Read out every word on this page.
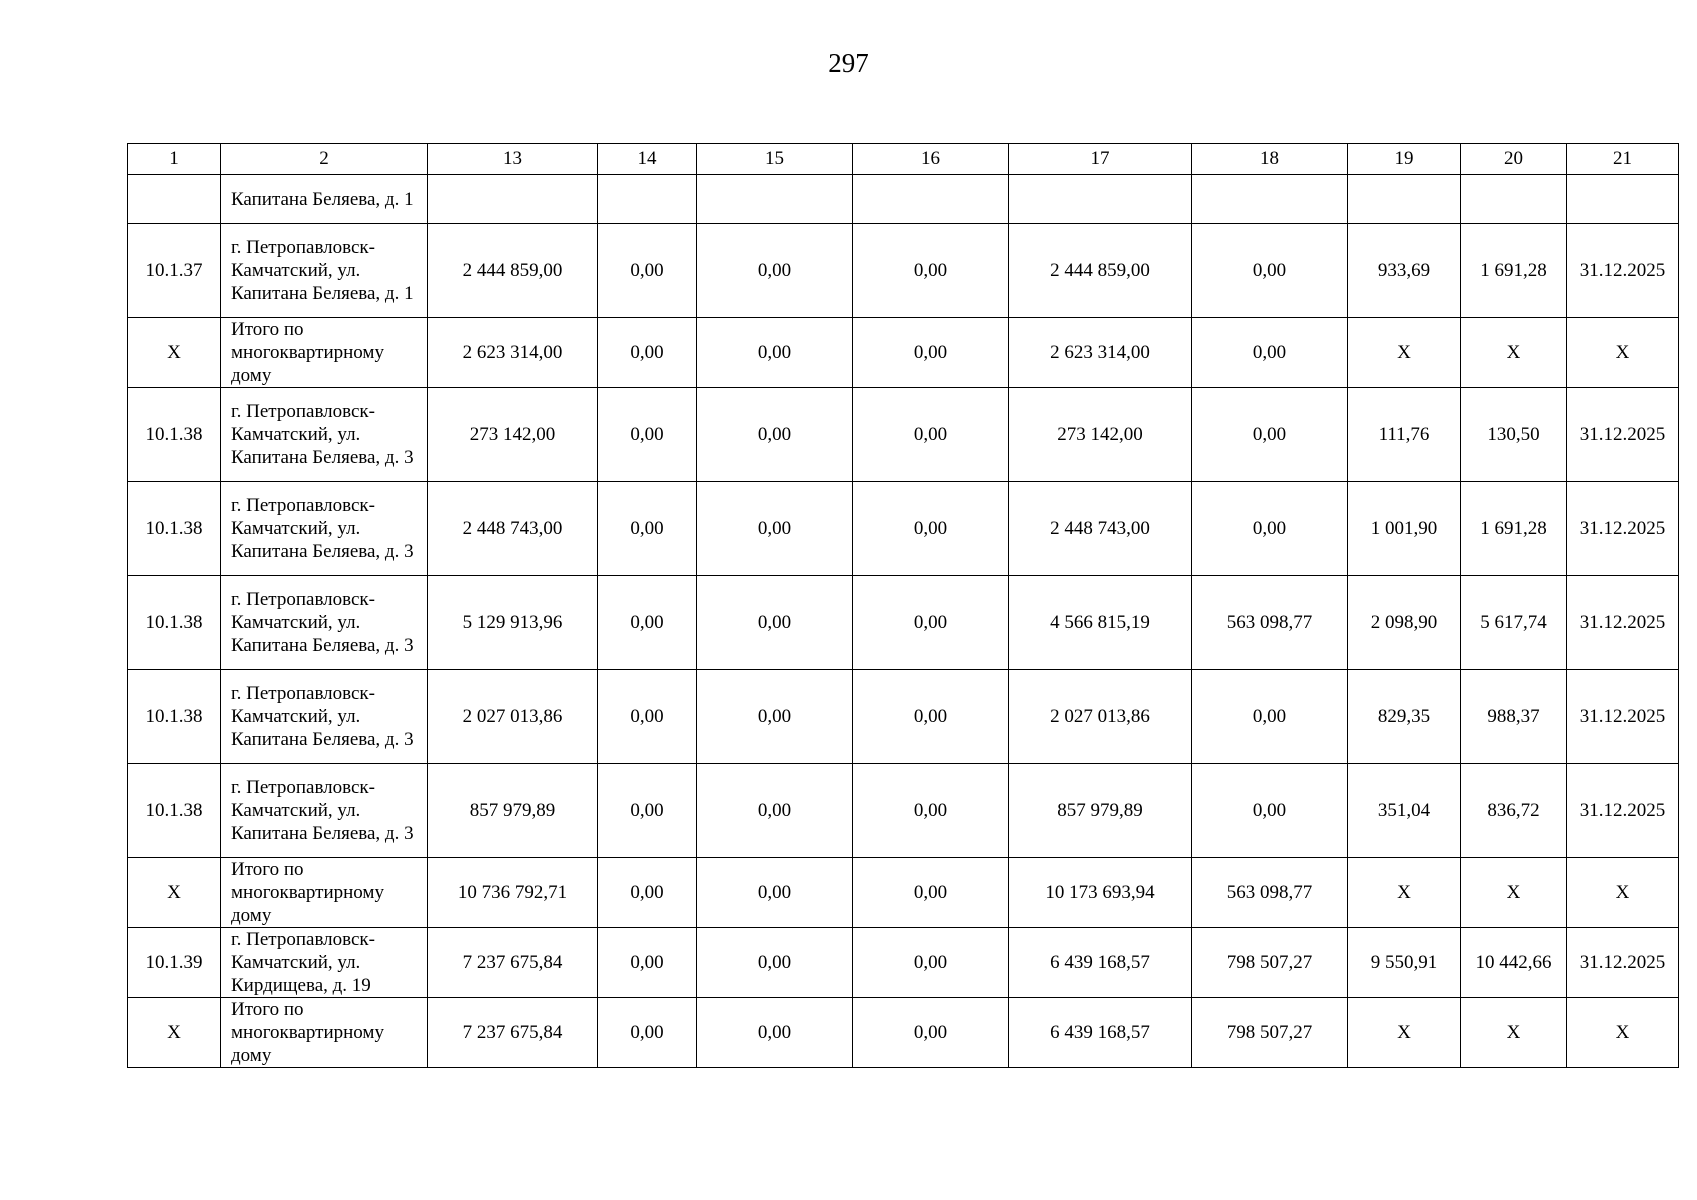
297
1	2	13	14	15	16	17	18	19	20	21
	Капитана Беляева, д. 1									
10.1.37	г. Петропавловск-Камчатский, ул. Капитана Беляева, д. 1	2 444 859,00	0,00	0,00	0,00	2 444 859,00	0,00	933,69	1 691,28	31.12.2025
X	Итого по многоквартирному дому	2 623 314,00	0,00	0,00	0,00	2 623 314,00	0,00	X	X	X
10.1.38	г. Петропавловск-Камчатский, ул. Капитана Беляева, д. 3	273 142,00	0,00	0,00	0,00	273 142,00	0,00	111,76	130,50	31.12.2025
10.1.38	г. Петропавловск-Камчатский, ул. Капитана Беляева, д. 3	2 448 743,00	0,00	0,00	0,00	2 448 743,00	0,00	1 001,90	1 691,28	31.12.2025
10.1.38	г. Петропавловск-Камчатский, ул. Капитана Беляева, д. 3	5 129 913,96	0,00	0,00	0,00	4 566 815,19	563 098,77	2 098,90	5 617,74	31.12.2025
10.1.38	г. Петропавловск-Камчатский, ул. Капитана Беляева, д. 3	2 027 013,86	0,00	0,00	0,00	2 027 013,86	0,00	829,35	988,37	31.12.2025
10.1.38	г. Петропавловск-Камчатский, ул. Капитана Беляева, д. 3	857 979,89	0,00	0,00	0,00	857 979,89	0,00	351,04	836,72	31.12.2025
X	Итого по многоквартирному дому	10 736 792,71	0,00	0,00	0,00	10 173 693,94	563 098,77	X	X	X
10.1.39	г. Петропавловск-Камчатский, ул. Кирдищева, д. 19	7 237 675,84	0,00	0,00	0,00	6 439 168,57	798 507,27	9 550,91	10 442,66	31.12.2025
X	Итого по многоквартирному дому	7 237 675,84	0,00	0,00	0,00	6 439 168,57	798 507,27	X	X	X
